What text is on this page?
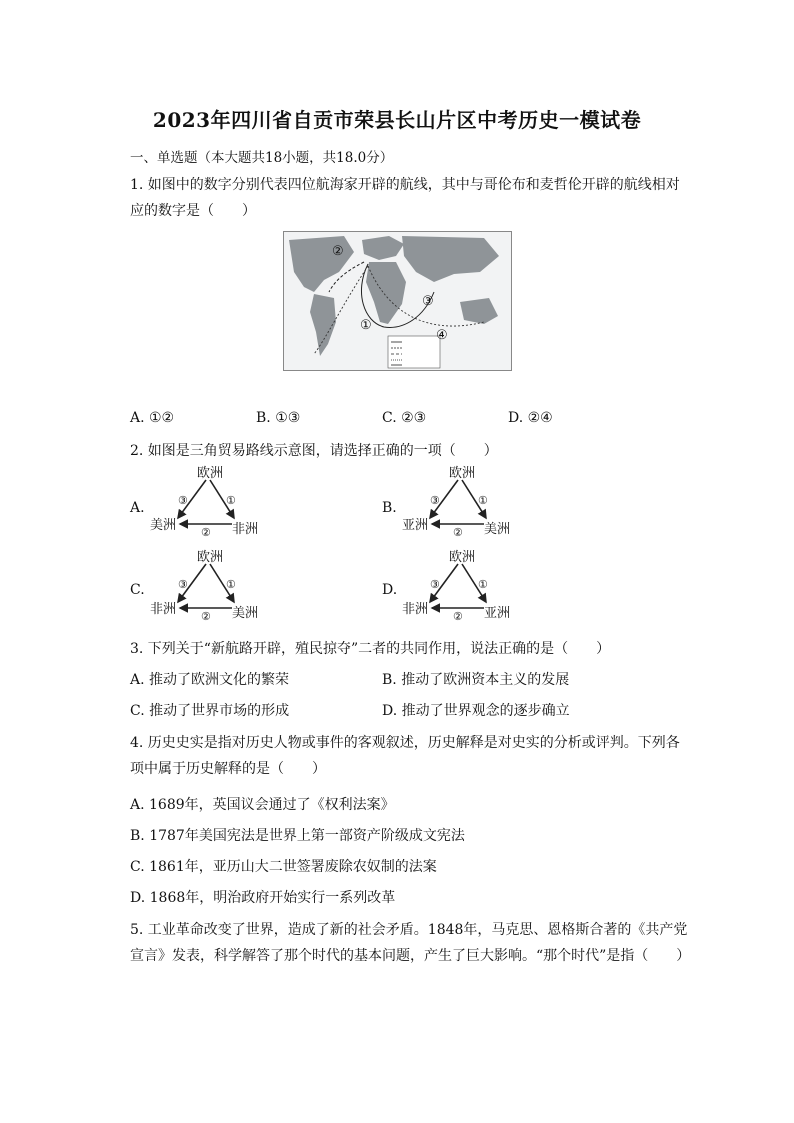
2023年四川省自贡市荣县长山片区中考历史一模试卷
一、单选题（本大题共18小题，共18.0分）
1. 如图中的数字分别代表四位航海家开辟的航线，其中与哥伦布和麦哲伦开辟的航线相对
应的数字是（　　）
②
③
①
④
A. ①②	B. ①③	C. ②③	D. ②④
2. 如图是三角贸易路线示意图，请选择正确的一项（　　）
A.
欧洲
美洲	非洲
③	①
②
B.
欧洲
亚洲	美洲
③	①
②
C.
欧洲
非洲	美洲
③	①
②
D.
欧洲
非洲	亚洲
③	①
②
3. 下列关于“新航路开辟，殖民掠夺”二者的共同作用，说法正确的是（　　）
A. 推动了欧洲文化的繁荣	B. 推动了欧洲资本主义的发展
C. 推动了世界市场的形成	D. 推动了世界观念的逐步确立
4. 历史史实是指对历史人物或事件的客观叙述，历史解释是对史实的分析或评判。下列各
项中属于历史解释的是（　　）
A. 1689年，英国议会通过了《权利法案》
B. 1787年美国宪法是世界上第一部资产阶级成文宪法
C. 1861年，亚历山大二世签署废除农奴制的法案
D. 1868年，明治政府开始实行一系列改革
5. 工业革命改变了世界，造成了新的社会矛盾。1848年，马克思、恩格斯合著的《共产党
宣言》发表，科学解答了那个时代的基本问题，产生了巨大影响。“那个时代”是指（　　）
